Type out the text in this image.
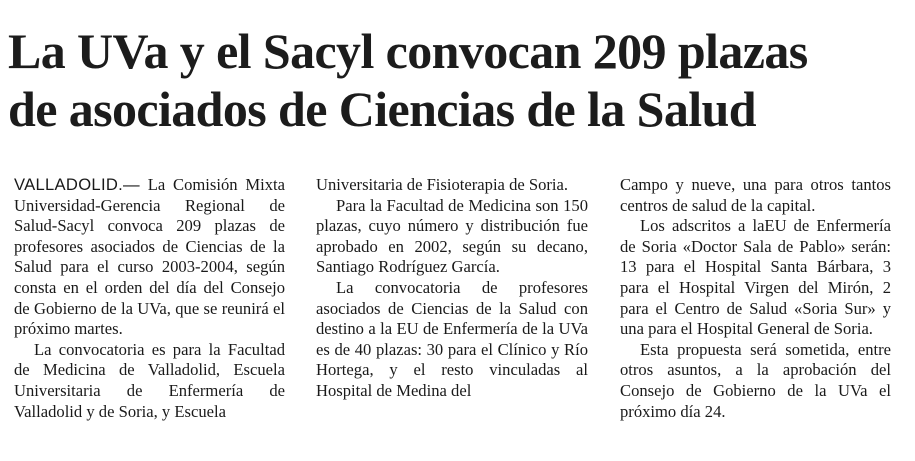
La UVa y el Sacyl convocan 209 plazas
de asociados de Ciencias de la Salud

VALLADOLID.— La Comisión Mixta Universidad-Gerencia Regional de Salud-Sacyl convoca 209 plazas de profesores asociados de Ciencias de la Salud para el curso 2003-2004, según consta en el orden del día del Consejo de Gobierno de la UVa, que se reunirá el próximo martes.

La convocatoria es para la Facultad de Medicina de Valladolid, Escuela Universitaria de Enfermería de Valladolid y de Soria, y Escuela

Universitaria de Fisioterapia de Soria.

Para la Facultad de Medicina son 150 plazas, cuyo número y distribución fue aprobado en 2002, según su decano, Santiago Rodríguez García.

La convocatoria de profesores asociados de Ciencias de la Salud con destino a la EU de Enfermería de la UVa es de 40 plazas: 30 para el Clínico y Río Hortega, y el resto vinculadas al Hospital de Medina del

Campo y nueve, una para otros tantos centros de salud de la capital.

Los adscritos a laEU de Enfermería de Soria «Doctor Sala de Pablo» serán: 13 para el Hospital Santa Bárbara, 3 para el Hospital Virgen del Mirón, 2 para el Centro de Salud «Soria Sur» y una para el Hospital General de Soria.

Esta propuesta será sometida, entre otros asuntos, a la aprobación del Consejo de Gobierno de la UVa el próximo día 24.
